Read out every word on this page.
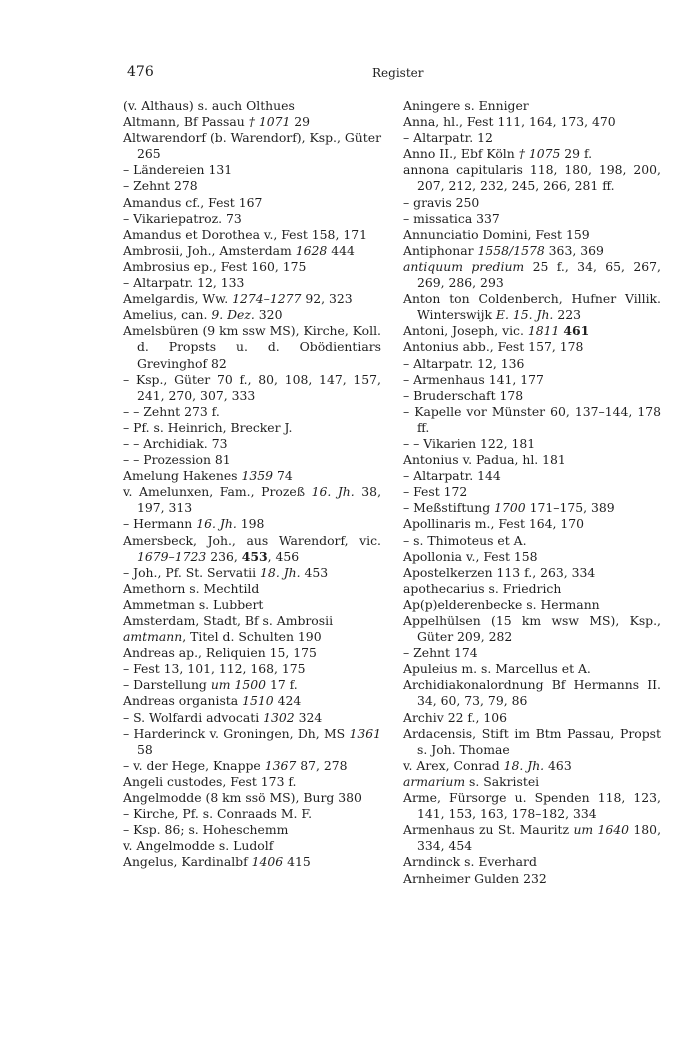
476	Register

(v. Althaus) s. auch Olthues

Altmann, Bf Passau † 1071 29

Altwarendorf (b. Warendorf), Ksp., Güter 265

– Ländereien 131

– Zehnt 278

Amandus cf., Fest 167

– Vikariepatroz. 73

Amandus et Dorothea v., Fest 158, 171

Ambrosii, Joh., Amsterdam 1628 444

Ambrosius ep., Fest 160, 175

– Altarpatr. 12, 133

Amelgardis, Ww. 1274–1277 92, 323

Amelius, can. 9. Dez. 320

Amelsbüren (9 km ssw MS), Kirche, Koll. d. Propsts u. d. Obödientiars Grevinghof 82

– Ksp., Güter 70 f., 80, 108, 147, 157, 241, 270, 307, 333

– – Zehnt 273 f.

– Pf. s. Heinrich, Brecker J.

– – Archidiak. 73

– – Prozession 81

Amelung Hakenes 1359 74

v. Amelunxen, Fam., Prozeß 16. Jh. 38, 197, 313

– Hermann 16. Jh. 198

Amersbeck, Joh., aus Warendorf, vic. 1679–1723 236, 453, 456

– Joh., Pf. St. Servatii 18. Jh. 453

Amethorn s. Mechtild

Ammetman s. Lubbert

Amsterdam, Stadt, Bf s. Ambrosii

amtmann, Titel d. Schulten 190

Andreas ap., Reliquien 15, 175

– Fest 13, 101, 112, 168, 175

– Darstellung um 1500 17 f.

Andreas organista 1510 424

– S. Wolfardi advocati 1302 324

– Harderinck v. Groningen, Dh, MS 1361 58

– v. der Hege, Knappe 1367 87, 278

Angeli custodes, Fest 173 f.

Angelmodde (8 km ssö MS), Burg 380

– Kirche, Pf. s. Conraads M. F.

– Ksp. 86; s. Hoheschemm

v. Angelmodde s. Ludolf

Angelus, Kardinalbf 1406 415

Aningere s. Enniger

Anna, hl., Fest 111, 164, 173, 470

– Altarpatr. 12

Anno II., Ebf Köln † 1075 29 f.

annona capitularis 118, 180, 198, 200, 207, 212, 232, 245, 266, 281 ff.

– gravis 250

– missatica 337

Annunciatio Domini, Fest 159

Antiphonar 1558/1578 363, 369

antiquum predium 25 f., 34, 65, 267, 269, 286, 293

Anton ton Coldenberch, Hufner Villik. Winterswijk E. 15. Jh. 223

Antoni, Joseph, vic. 1811 461

Antonius abb., Fest 157, 178

– Altarpatr. 12, 136

– Armenhaus 141, 177

– Bruderschaft 178

– Kapelle vor Münster 60, 137–144, 178 ff.

– – Vikarien 122, 181

Antonius v. Padua, hl. 181

– Altarpatr. 144

– Fest 172

– Meßstiftung 1700 171–175, 389

Apollinaris m., Fest 164, 170

– s. Thimoteus et A.

Apollonia v., Fest 158

Apostelkerzen 113 f., 263, 334

apothecarius s. Friedrich

Ap(p)elderenbecke s. Hermann

Appelhülsen (15 km wsw MS), Ksp., Güter 209, 282

– Zehnt 174

Apuleius m. s. Marcellus et A.

Archidiakonalordnung Bf Hermanns II. 34, 60, 73, 79, 86

Archiv 22 f., 106

Ardacensis, Stift im Btm Passau, Propst s. Joh. Thomae

v. Arex, Conrad 18. Jh. 463

armarium s. Sakristei

Arme, Fürsorge u. Spenden 118, 123, 141, 153, 163, 178–182, 334

Armenhaus zu St. Mauritz um 1640 180, 334, 454

Arndinck s. Everhard

Arnheimer Gulden 232
